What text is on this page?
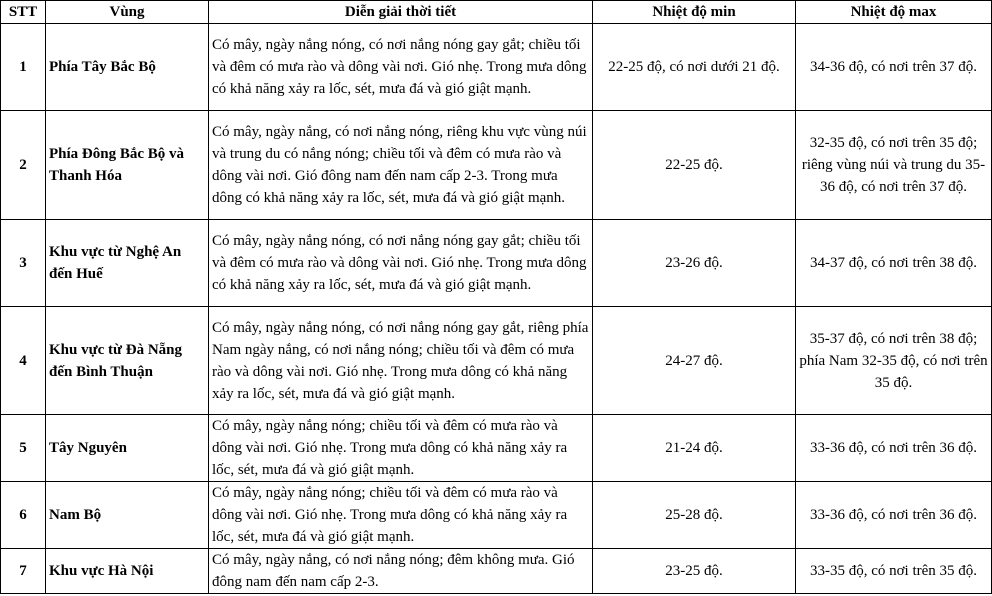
STT	Vùng	Diễn giải thời tiết	Nhiệt độ min	Nhiệt độ max
1	Phía Tây Bắc Bộ	Có mây, ngày nắng nóng, có nơi nắng nóng gay gắt; chiều tối và đêm có mưa rào và dông vài nơi. Gió nhẹ. Trong mưa dông có khả năng xảy ra lốc, sét, mưa đá và gió giật mạnh.	22-25 độ, có nơi dưới 21 độ.	34-36 độ, có nơi trên 37 độ.
2	Phía Đông Bắc Bộ và Thanh Hóa	Có mây, ngày nắng, có nơi nắng nóng, riêng khu vực vùng núi và trung du có nắng nóng; chiều tối và đêm có mưa rào và dông vài nơi. Gió đông nam đến nam cấp 2-3. Trong mưa dông có khả năng xảy ra lốc, sét, mưa đá và gió giật mạnh.	22-25 độ.	32-35 độ, có nơi trên 35 độ; riêng vùng núi và trung du 35-36 độ, có nơi trên 37 độ.
3	Khu vực từ Nghệ An đến Huế	Có mây, ngày nắng nóng, có nơi nắng nóng gay gắt; chiều tối và đêm có mưa rào và dông vài nơi. Gió nhẹ. Trong mưa dông có khả năng xảy ra lốc, sét, mưa đá và gió giật mạnh.	23-26 độ.	34-37 độ, có nơi trên 38 độ.
4	Khu vực từ Đà Nẵng đến Bình Thuận	Có mây, ngày nắng nóng, có nơi nắng nóng gay gắt, riêng phía Nam ngày nắng, có nơi nắng nóng; chiều tối và đêm có mưa rào và dông vài nơi. Gió nhẹ. Trong mưa dông có khả năng xảy ra lốc, sét, mưa đá và gió giật mạnh.	24-27 độ.	35-37 độ, có nơi trên 38 độ; phía Nam 32-35 độ, có nơi trên 35 độ.
5	Tây Nguyên	Có mây, ngày nắng nóng; chiều tối và đêm có mưa rào và dông vài nơi. Gió nhẹ. Trong mưa dông có khả năng xảy ra lốc, sét, mưa đá và gió giật mạnh.	21-24 độ.	33-36 độ, có nơi trên 36 độ.
6	Nam Bộ	Có mây, ngày nắng nóng; chiều tối và đêm có mưa rào và dông vài nơi. Gió nhẹ. Trong mưa dông có khả năng xảy ra lốc, sét, mưa đá và gió giật mạnh.	25-28 độ.	33-36 độ, có nơi trên 36 độ.
7	Khu vực Hà Nội	Có mây, ngày nắng, có nơi nắng nóng; đêm không mưa. Gió đông nam đến nam cấp 2-3.	23-25 độ.	33-35 độ, có nơi trên 35 độ.
